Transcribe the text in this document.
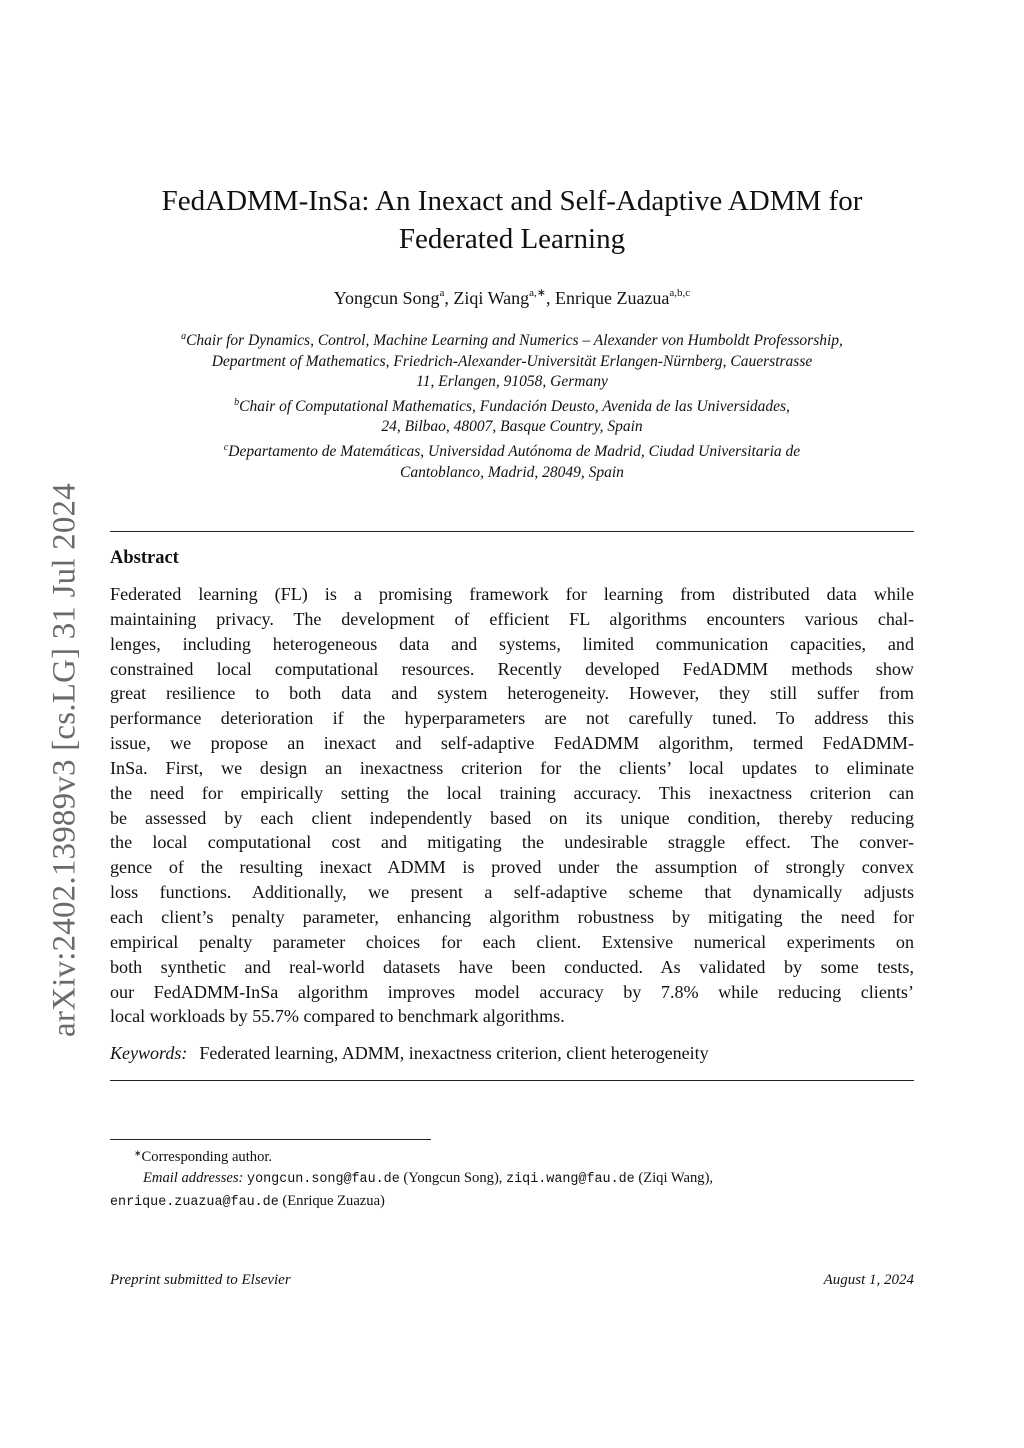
arXiv:2402.13989v3 [cs.LG] 31 Jul 2024
FedADMM-InSa: An Inexact and Self-Adaptive ADMM for
Federated Learning
Yongcun Song$^a$, Ziqi Wang$^{a,∗}$, Enrique Zuazua$^{a,b,c}$
$^a$Chair for Dynamics, Control, Machine Learning and Numerics – Alexander von Humboldt Professorship,
Department of Mathematics, Friedrich-Alexander-Universität Erlangen-Nürnberg, Cauerstrasse
11, Erlangen, 91058, Germany
$^b$Chair of Computational Mathematics, Fundación Deusto, Avenida de las Universidades,
24, Bilbao, 48007, Basque Country, Spain
$^c$Departamento de Matemáticas, Universidad Autónoma de Madrid, Ciudad Universitaria de
Cantoblanco, Madrid, 28049, Spain
Abstract
Federated learning (FL) is a promising framework for learning from distributed data while
maintaining privacy. The development of efficient FL algorithms encounters various chal-
lenges, including heterogeneous data and systems, limited communication capacities, and
constrained local computational resources. Recently developed FedADMM methods show
great resilience to both data and system heterogeneity. However, they still suffer from
performance deterioration if the hyperparameters are not carefully tuned. To address this
issue, we propose an inexact and self-adaptive FedADMM algorithm, termed FedADMM-
InSa. First, we design an inexactness criterion for the clients’ local updates to eliminate
the need for empirically setting the local training accuracy. This inexactness criterion can
be assessed by each client independently based on its unique condition, thereby reducing
the local computational cost and mitigating the undesirable straggle effect. The conver-
gence of the resulting inexact ADMM is proved under the assumption of strongly convex
loss functions. Additionally, we present a self-adaptive scheme that dynamically adjusts
each client’s penalty parameter, enhancing algorithm robustness by mitigating the need for
empirical penalty parameter choices for each client. Extensive numerical experiments on
both synthetic and real-world datasets have been conducted. As validated by some tests,
our FedADMM-InSa algorithm improves model accuracy by 7.8% while reducing clients’
local workloads by 55.7% compared to benchmark algorithms.
Keywords: Federated learning, ADMM, inexactness criterion, client heterogeneity
∗Corresponding author.
Email addresses: yongcun.song@fau.de (Yongcun Song), ziqi.wang@fau.de (Ziqi Wang),
enrique.zuazua@fau.de (Enrique Zuazua)
Preprint submitted to Elsevier	August 1, 2024
